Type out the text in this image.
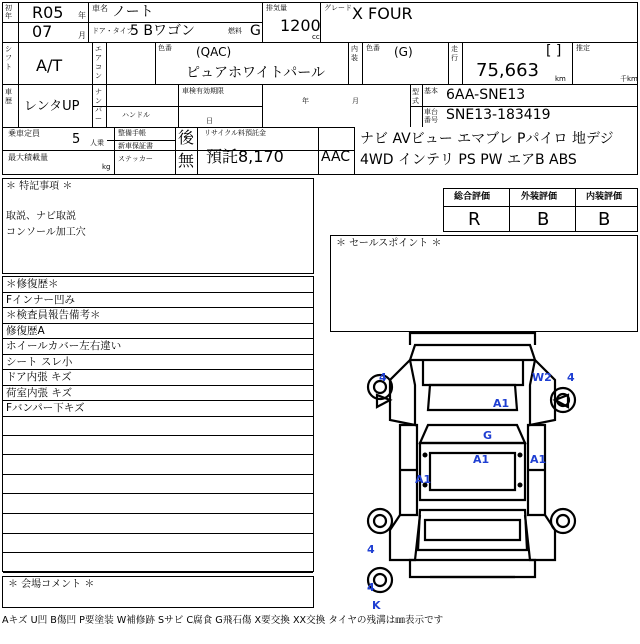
初年 R05 年
07	月
車名 ノート	排気量
1200
cc
グレード X FOUR
ドア・タイプ
5 Bワゴン	燃料 G
シフト A/T
エアコン
色番 (QAC)
ピュアホワイトパール
内装
色番 (G)	走行	[ ]
75,663 km
推定
千km
車歴 レンタUP
ナンバー	ハンドル
車検有効期限
年	月
日
型式
基本 6AA-SNE13
車台番号 SNE13-183419
乗車定員 5 人乗
最大積載量
kg
整備手帳
新車保証書
ステッカー
後
無
リサイクル料預託金
預託8,170	AAC
ナビ AVビュー エマブレ Pパイロ 地デジ
4WD インテリ PS PW エアB ABS
＊ 特記事項 ＊
取説、ナビ取説
コンソール加工穴
総合評価	外装評価	内装評価
R	B	B
＊ セールスポイント ＊
＊修復歴＊
Fインナー凹み
＊検査員報告備考＊
修復歴A
ホイールカバー左右違い
シート スレ小
ドア内張 キズ
荷室内張 キズ
Fバンパー下キズ
＊ 会場コメント ＊
Aキズ U凹 B傷凹 P要塗装 W補修跡 Sサビ C腐食 G飛石傷 X要交換 XX交換 タイヤの残溝は㎜表示です
4	W2 4
A1
G
A1	A1
A1
4
4
K
